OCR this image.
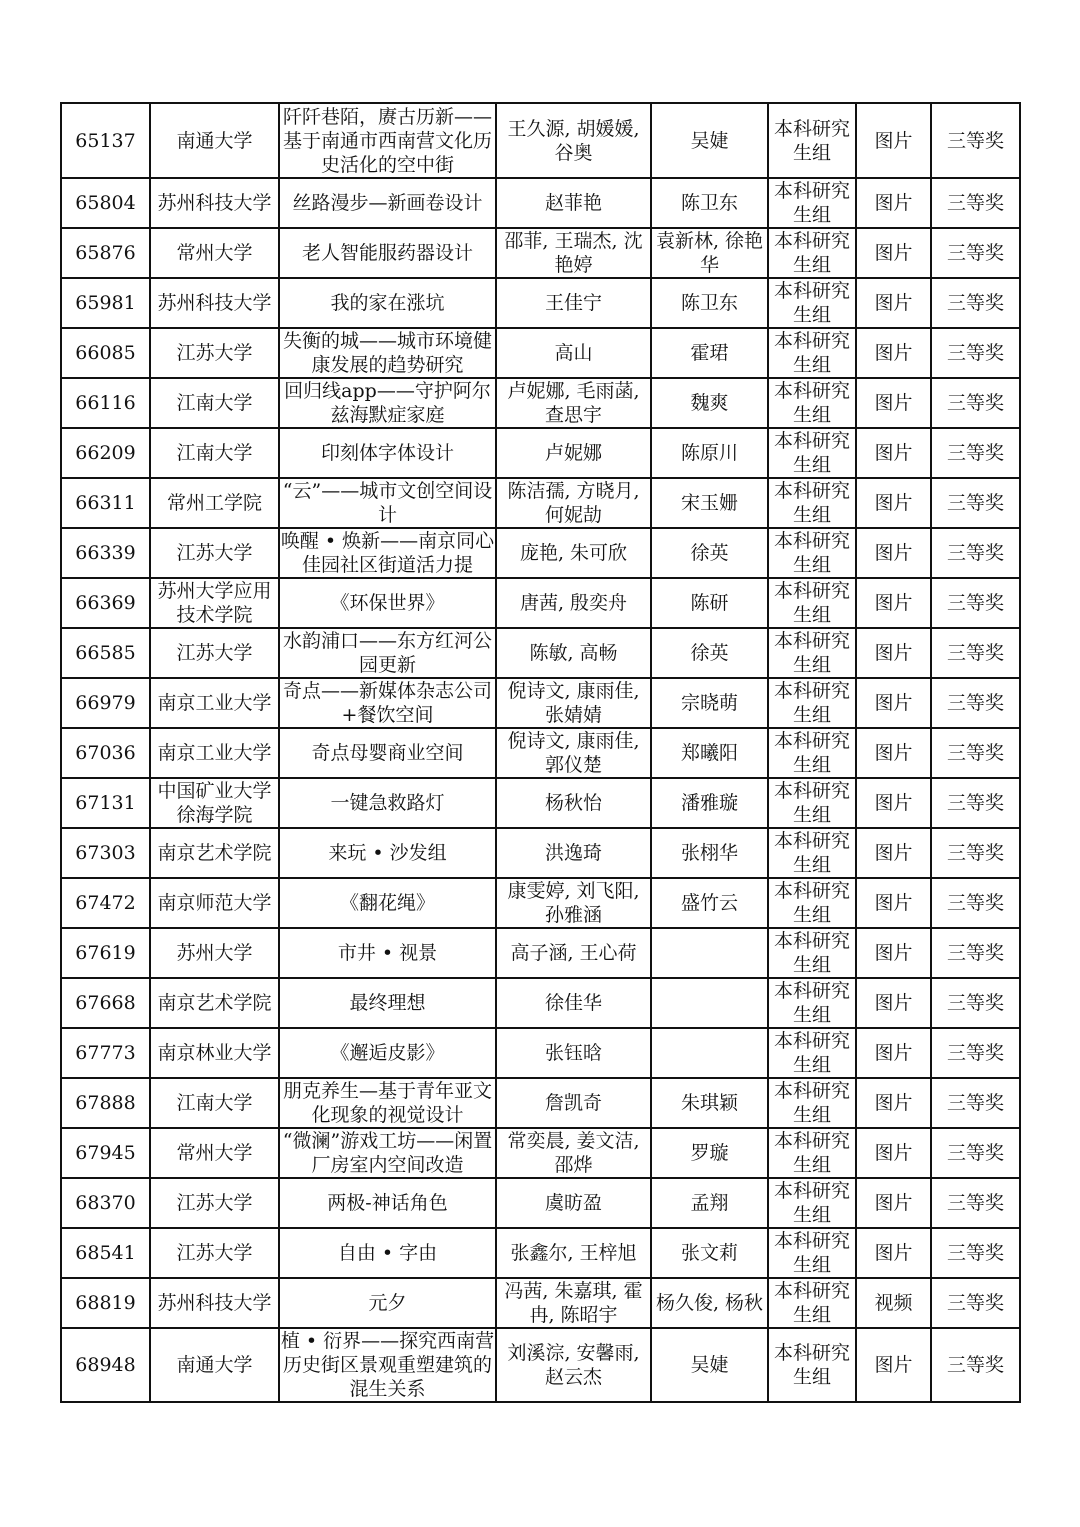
65137	南通大学	阡阡巷陌，赓古历新——基于南通市西南营文化历史活化的空中街	王久源, 胡媛媛, 谷奥	吴婕	本科研究生组	图片	三等奖

65804	苏州科技大学	丝路漫步—新画卷设计	赵菲艳	陈卫东	本科研究生组	图片	三等奖

65876	常州大学	老人智能服药器设计	邵菲, 王瑞杰, 沈艳婷	袁新林, 徐艳华	本科研究生组	图片	三等奖

65981	苏州科技大学	我的家在涨坑	王佳宁	陈卫东	本科研究生组	图片	三等奖

66085	江苏大学	失衡的城——城市环境健康发展的趋势研究	高山	霍珺	本科研究生组	图片	三等奖

66116	江南大学	回归线app——守护阿尔兹海默症家庭	卢妮娜, 毛雨菡, 查思宇	魏爽	本科研究生组	图片	三等奖

66209	江南大学	印刻体字体设计	卢妮娜	陈原川	本科研究生组	图片	三等奖

66311	常州工学院	“云”——城市文创空间设计	陈洁孺, 方晓月, 何妮劼	宋玉姗	本科研究生组	图片	三等奖

66339	江苏大学	唤醒 • 焕新——南京同心佳园社区街道活力提	庞艳, 朱可欣	徐英	本科研究生组	图片	三等奖

66369	苏州大学应用技术学院	《环保世界》	唐茜, 殷奕舟	陈研	本科研究生组	图片	三等奖

66585	江苏大学	水韵浦口——东方红河公园更新	陈敏, 高畅	徐英	本科研究生组	图片	三等奖

66979	南京工业大学	奇点——新媒体杂志公司+餐饮空间	倪诗文, 康雨佳, 张婧婧	宗晓萌	本科研究生组	图片	三等奖

67036	南京工业大学	奇点母婴商业空间	倪诗文, 康雨佳, 郭仪楚	郑曦阳	本科研究生组	图片	三等奖

67131	中国矿业大学徐海学院	一键急救路灯	杨秋怡	潘雅璇	本科研究生组	图片	三等奖

67303	南京艺术学院	来玩 • 沙发组	洪逸琦	张栩华	本科研究生组	图片	三等奖

67472	南京师范大学	《翻花绳》	康雯婷, 刘飞阳, 孙雅涵	盛竹云	本科研究生组	图片	三等奖

67619	苏州大学	市井 • 视景	高子涵, 王心荷		本科研究生组	图片	三等奖

67668	南京艺术学院	最终理想	徐佳华		本科研究生组	图片	三等奖

67773	南京林业大学	《邂逅皮影》	张钰晗		本科研究生组	图片	三等奖

67888	江南大学	朋克养生—基于青年亚文化现象的视觉设计	詹凯奇	朱琪颖	本科研究生组	图片	三等奖

67945	常州大学	“微澜”游戏工坊——闲置厂房室内空间改造	常奕晨, 姜文洁, 邵烨	罗璇	本科研究生组	图片	三等奖

68370	江苏大学	两极-神话角色	虞昉盈	孟翔	本科研究生组	图片	三等奖

68541	江苏大学	自由 • 字由	张鑫尔, 王梓旭	张文莉	本科研究生组	图片	三等奖

68819	苏州科技大学	元夕	冯茜, 朱嘉琪, 霍冉, 陈昭宇	杨久俊, 杨秋	本科研究生组	视频	三等奖

68948	南通大学	植 • 衍界——探究西南营历史街区景观重塑建筑的混生关系	刘溪淙, 安馨雨, 赵云杰	吴婕	本科研究生组	图片	三等奖
